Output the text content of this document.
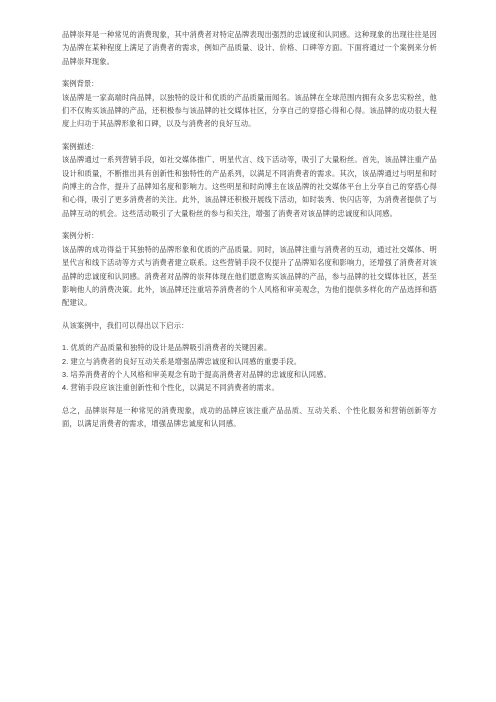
品牌崇拜是一种常见的消费现象，其中消费者对特定品牌表现出强烈的忠诚度和认同感。这种现象的出现往往是因为品牌在某种程度上满足了消费者的需求，例如产品质量、设计、价格、口碑等方面。下面将通过一个案例来分析品牌崇拜现象。

案例背景：

该品牌是一家高端时尚品牌，以独特的设计和优质的产品质量而闻名。该品牌在全球范围内拥有众多忠实粉丝，他们不仅购买该品牌的产品，还积极参与该品牌的社交媒体社区，分享自己的穿搭心得和心得。该品牌的成功很大程度上归功于其品牌形象和口碑，以及与消费者的良好互动。

案例描述：

该品牌通过一系列营销手段，如社交媒体推广、明星代言、线下活动等，吸引了大量粉丝。首先，该品牌注重产品设计和质量，不断推出具有创新性和独特性的产品系列，以满足不同消费者的需求。其次，该品牌通过与明星和时尚博主的合作，提升了品牌知名度和影响力。这些明星和时尚博主在该品牌的社交媒体平台上分享自己的穿搭心得和心得，吸引了更多消费者的关注。此外，该品牌还积极开展线下活动，如时装秀、快闪店等，为消费者提供了与品牌互动的机会。这些活动吸引了大量粉丝的参与和关注，增强了消费者对该品牌的忠诚度和认同感。

案例分析：

该品牌的成功得益于其独特的品牌形象和优质的产品质量。同时，该品牌注重与消费者的互动，通过社交媒体、明星代言和线下活动等方式与消费者建立联系。这些营销手段不仅提升了品牌知名度和影响力，还增强了消费者对该品牌的忠诚度和认同感。消费者对品牌的崇拜体现在他们愿意购买该品牌的产品，参与品牌的社交媒体社区，甚至影响他人的消费决策。此外，该品牌还注重培养消费者的个人风格和审美观念，为他们提供多样化的产品选择和搭配建议。

从该案例中，我们可以得出以下启示：

1. 优质的产品质量和独特的设计是品牌吸引消费者的关键因素。
2. 建立与消费者的良好互动关系是增强品牌忠诚度和认同感的重要手段。
3. 培养消费者的个人风格和审美观念有助于提高消费者对品牌的忠诚度和认同感。
4. 营销手段应该注重创新性和个性化，以满足不同消费者的需求。

总之，品牌崇拜是一种常见的消费现象，成功的品牌应该注重产品品质、互动关系、个性化服务和营销创新等方面，以满足消费者的需求，增强品牌忠诚度和认同感。
